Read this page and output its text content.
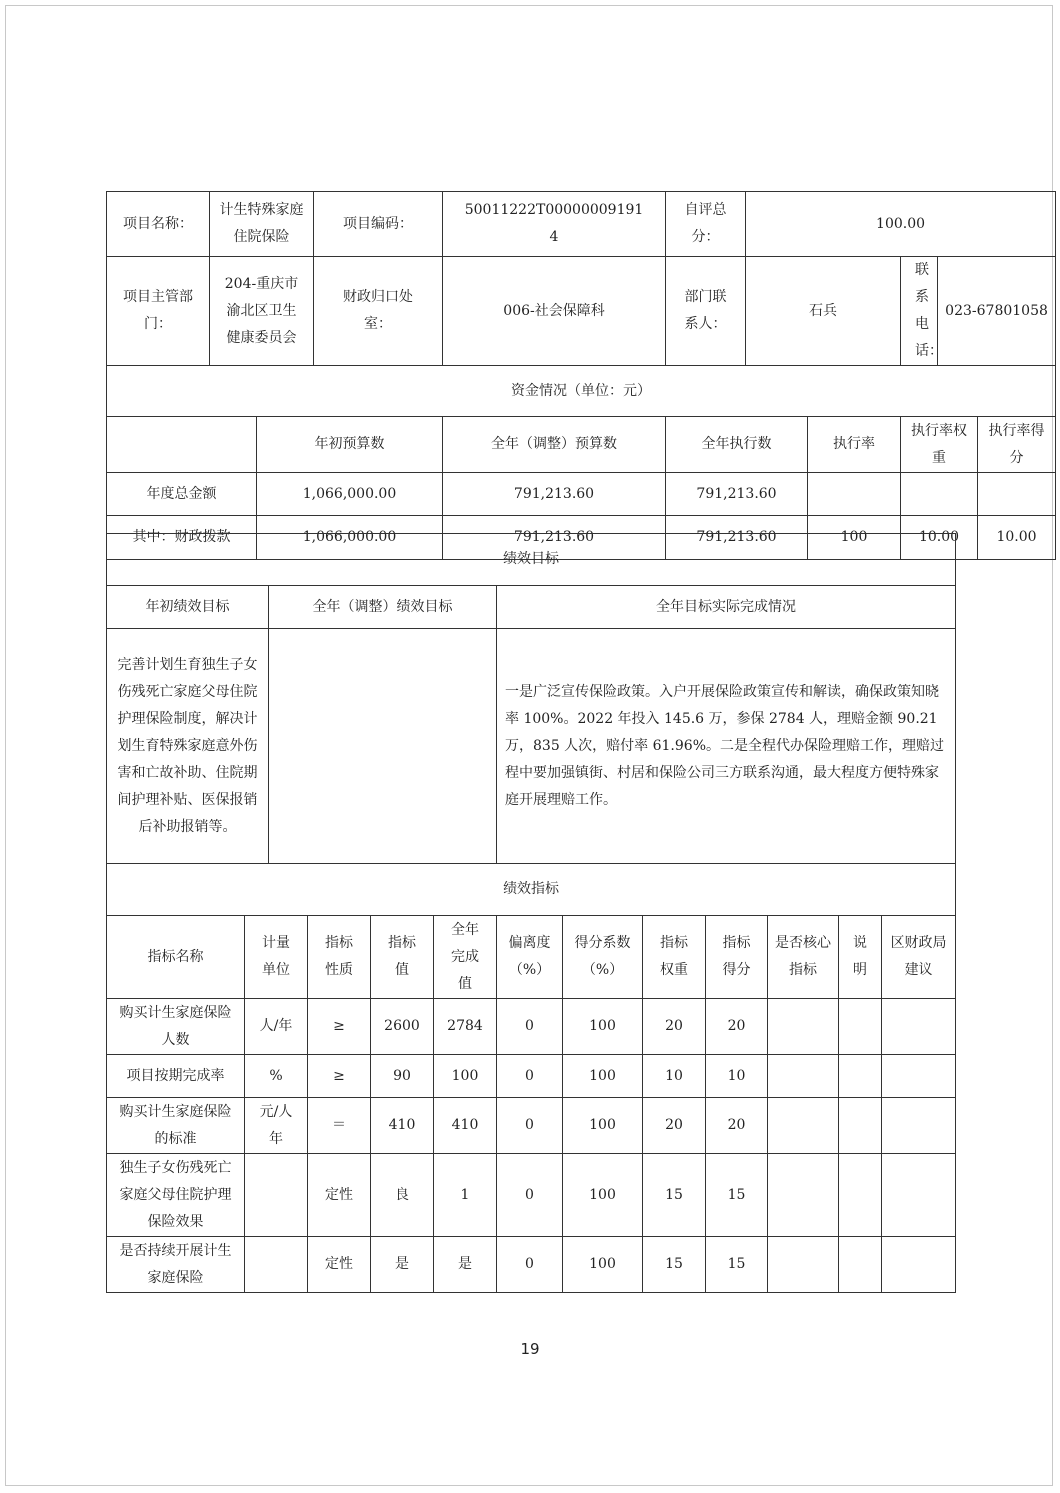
项目名称：	计生特殊家庭住院保险		项目编码：	50011222T000000091914	自评总分：	100.00				
项目主管部门：	204-重庆市渝北区卫生健康委员会		财政归口处室：	006-社会保障科	部门联系人：	石兵		联系电话：	023-67801058	
资金情况（单位：元）										
		年初预算数		全年（调整）预算数	全年执行数		执行率	执行率权重		执行率得分
年度总金额		1,066,000.00		791,213.60	791,213.60					
其中：财政拨款		1,066,000.00		791,213.60	791,213.60		100	10.00		10.00
绩效目标		
年初绩效目标	全年（调整）绩效目标	全年目标实际完成情况
完善计划生育独生子女伤残死亡家庭父母住院护理保险制度，解决计划生育特殊家庭意外伤害和亡故补助、住院期间护理补贴、医保报销后补助报销等。		一是广泛宣传保险政策。入户开展保险政策宣传和解读，确保政策知晓率 100%。2022 年投入 145.6 万，参保 2784 人，理赔金额 90.21 万，835 人次，赔付率 61.96%。二是全程代办保险理赔工作，理赔过程中要加强镇街、村居和保险公司三方联系沟通，最大程度方便特殊家庭开展理赔工作。
绩效指标											
指标名称	计量单位	指标性质	指标值	全年完成值	偏离度（%）	得分系数（%）	指标权重	指标得分	是否核心指标	说明	区财政局建议
购买计生家庭保险人数	人/年	≥	2600	2784	0	100	20	20			
项目按期完成率	%	≥	90	100	0	100	10	10			
购买计生家庭保险的标准	元/人年	＝	410	410	0	100	20	20			
独生子女伤残死亡家庭父母住院护理保险效果		定性	良	1	0	100	15	15			
是否持续开展计生家庭保险		定性	是	是	0	100	15	15			
19
